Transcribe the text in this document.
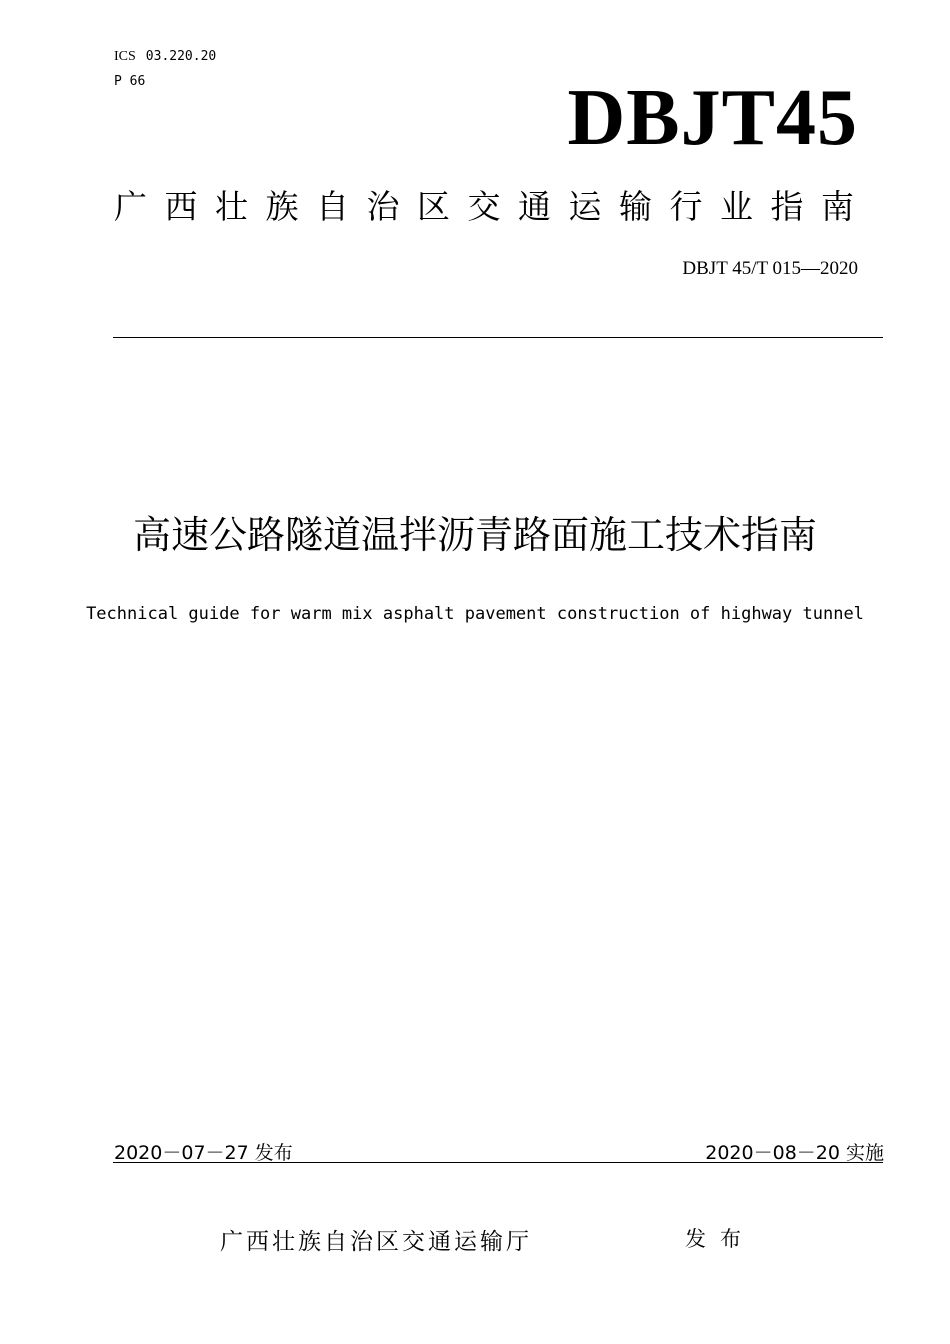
ICS 03.220.20
P 66	DBJT45
广西壮族自治区交通运输行业指南
DBJT 45/T 015—2020
高速公路隧道温拌沥青路面施工技术指南
Technical guide for warm mix asphalt pavement construction of highway tunnel
2020－07－27 发布	2020－08－20 实施
广西壮族自治区交通运输厅	发布
